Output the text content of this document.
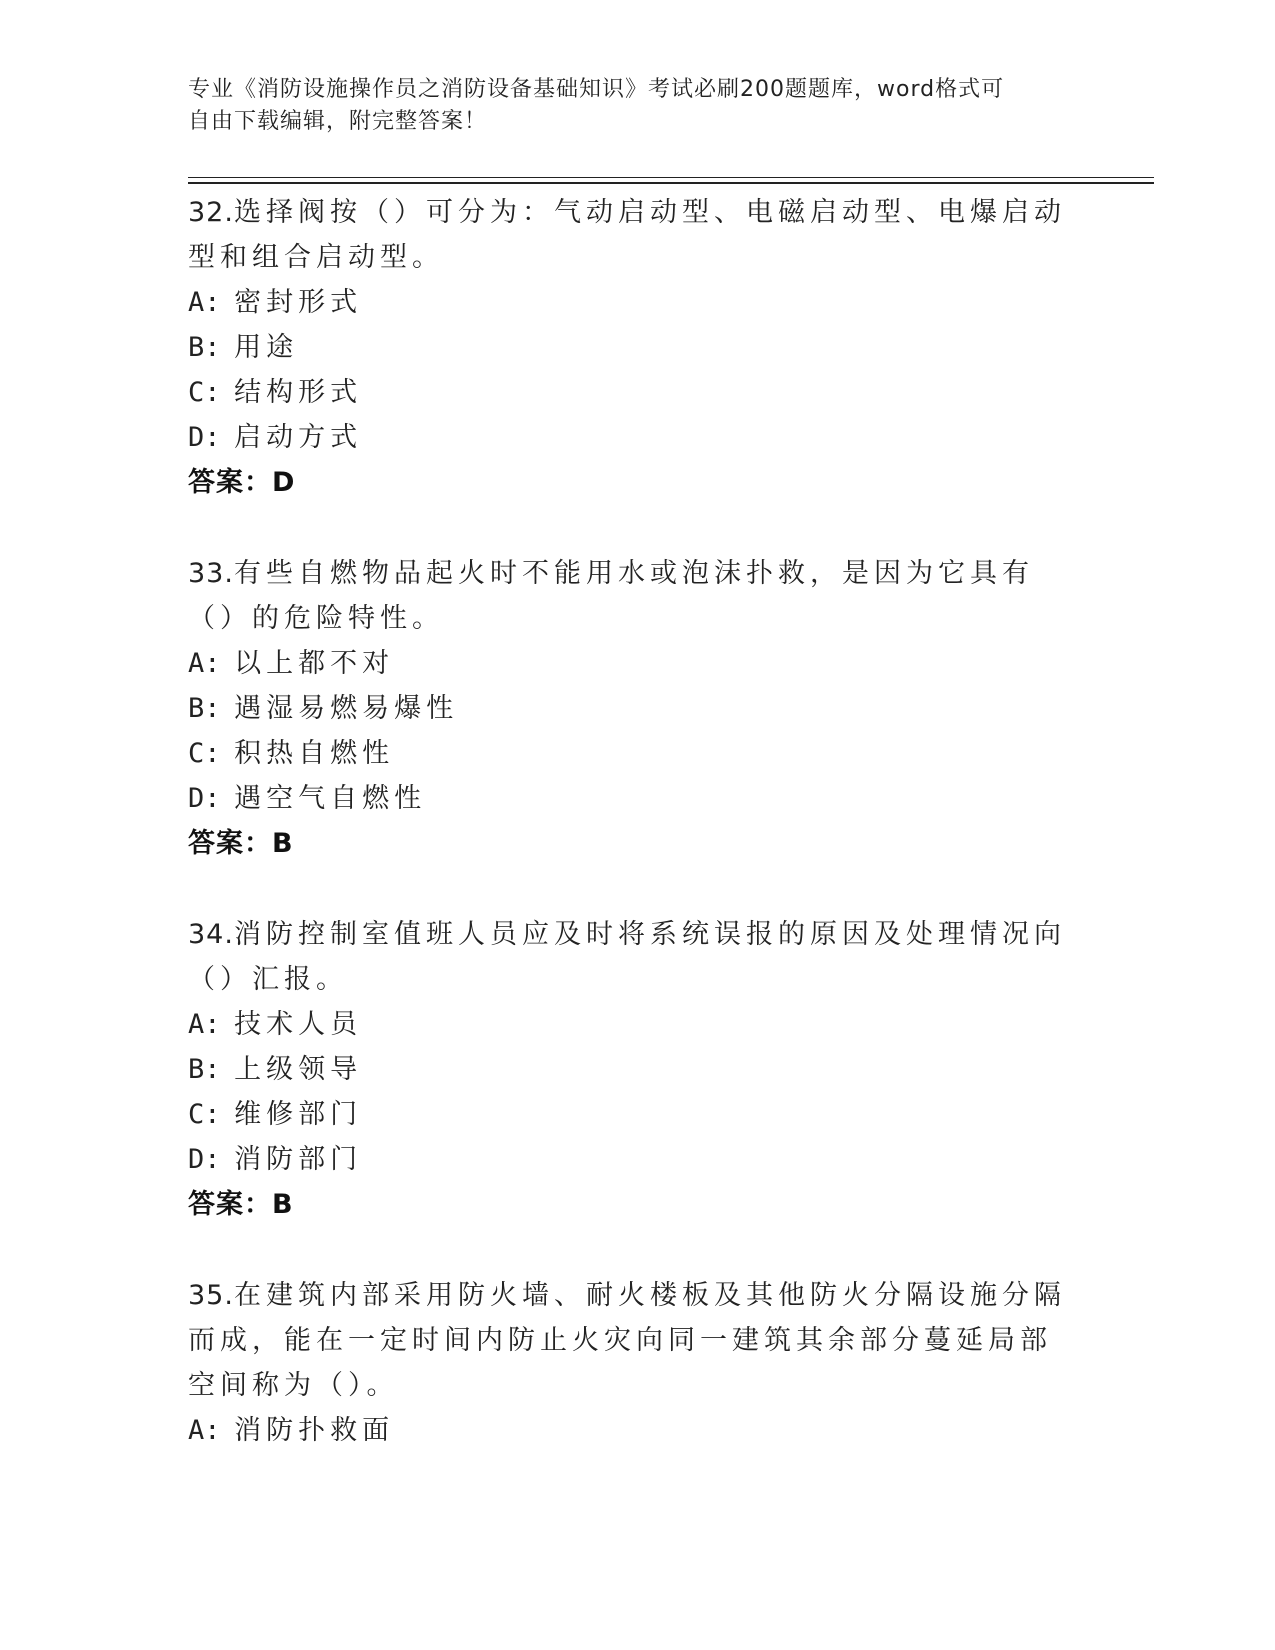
专业《消防设施操作员之消防设备基础知识》考试必刷200题题库，word格式可
自由下载编辑，附完整答案！
32.选择阀按（）可分为：气动启动型、电磁启动型、电爆启动型和组合启动型。
A: 密封形式
B: 用途
C: 结构形式
D: 启动方式
答案：D
33.有些自燃物品起火时不能用水或泡沫扑救，是因为它具有（）的危险特性。
A: 以上都不对
B: 遇湿易燃易爆性
C: 积热自燃性
D: 遇空气自燃性
答案：B
34.消防控制室值班人员应及时将系统误报的原因及处理情况向（）汇报。
A: 技术人员
B: 上级领导
C: 维修部门
D: 消防部门
答案：B
35.在建筑内部采用防火墙、耐火楼板及其他防火分隔设施分隔而成，能在一定时间内防止火灾向同一建筑其余部分蔓延局部空间称为（）。
A: 消防扑救面
